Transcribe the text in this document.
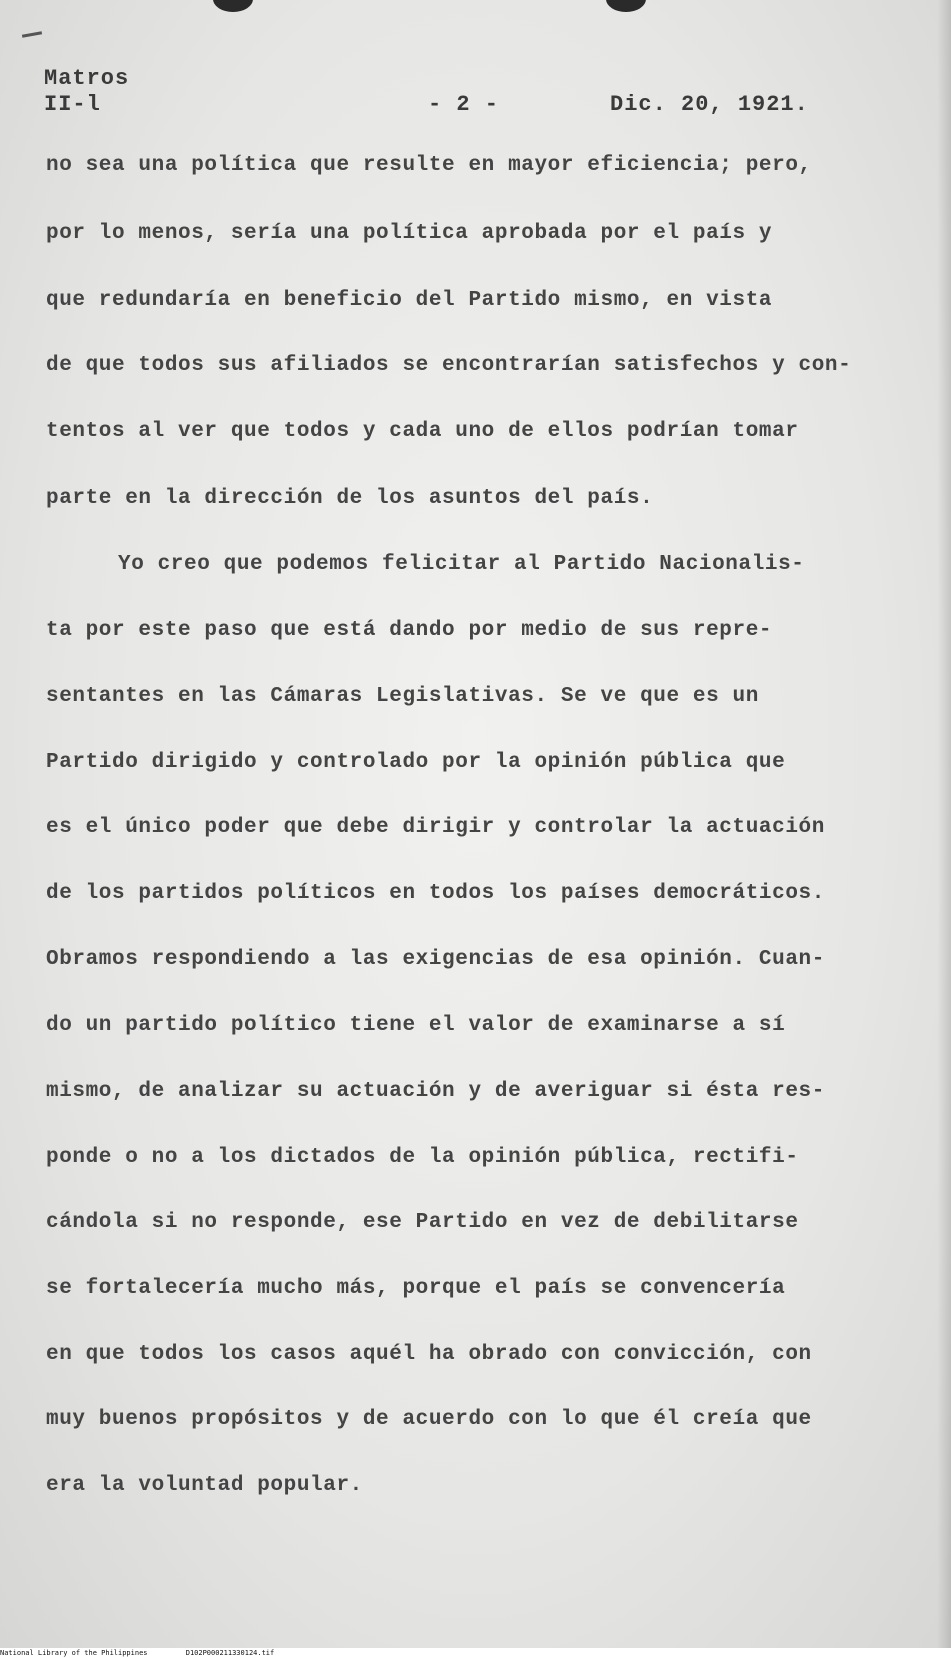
Matros
II-l	- 2 -	Dic. 20, 1921.
no sea una política que resulte en mayor eficiencia; pero,
por lo menos, sería una política aprobada por el país y
que redundaría en beneficio del Partido mismo, en vista
de que todos sus afiliados se encontrarían satisfechos y con-
tentos al ver que todos y cada uno de ellos podrían tomar
parte en la dirección de los asuntos del país.
Yo creo que podemos felicitar al Partido Nacionalis-
ta por este paso que está dando por medio de sus repre-
sentantes en las Cámaras Legislativas. Se ve que es un
Partido dirigido y controlado por la opinión pública que
es el único poder que debe dirigir y controlar la actuación
de los partidos políticos en todos los países democráticos.
Obramos respondiendo a las exigencias de esa opinión. Cuan-
do un partido político tiene el valor de examinarse a sí
mismo, de analizar su actuación y de averiguar si ésta res-
ponde o no a los dictados de la opinión pública, rectifi-
cándola si no responde, ese Partido en vez de debilitarse
se fortalecería mucho más, porque el país se convencería
en que todos los casos aquél ha obrado con convicción, con
muy buenos propósitos y de acuerdo con lo que él creía que
era la voluntad popular.
National Library of the Philippines	D102P000211330124.tif
